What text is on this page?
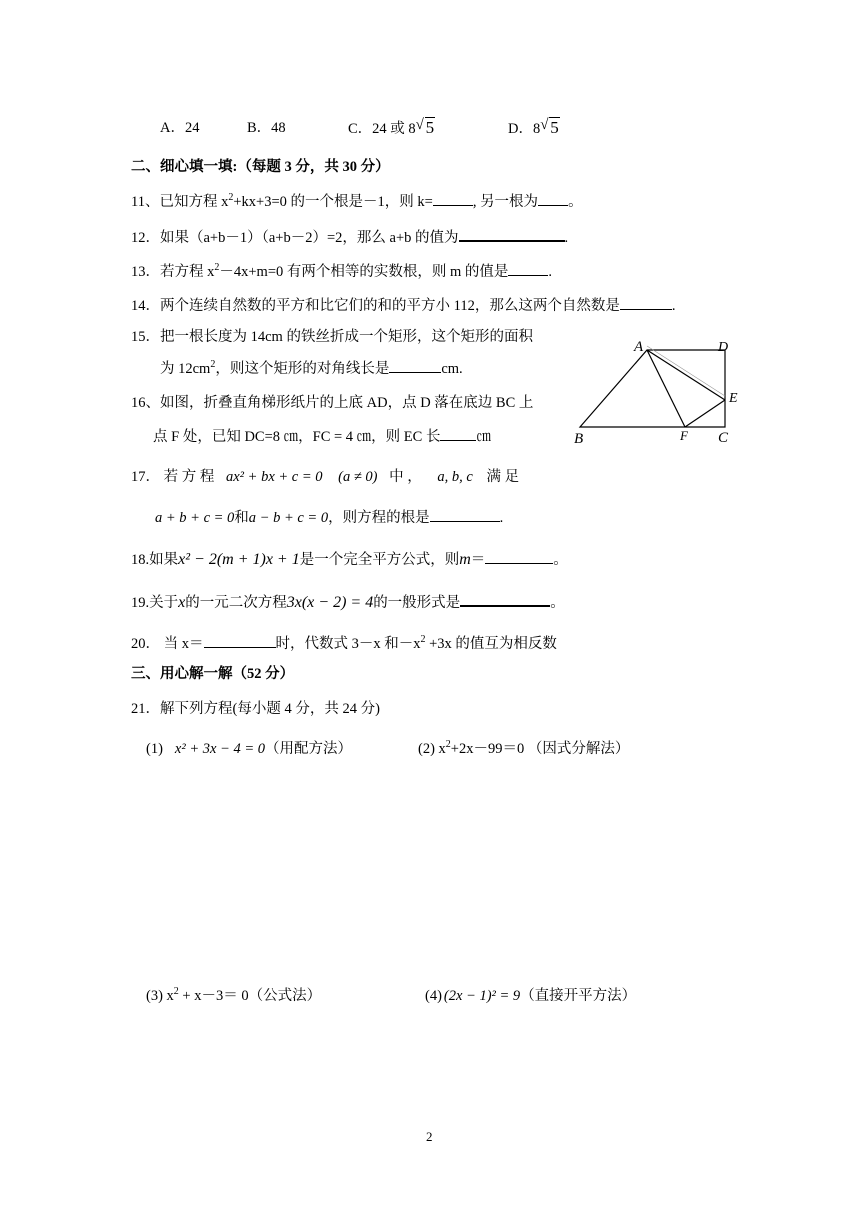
A．24	B．48	C．24 或 8 √ 5	D．8 √ 5
二、细心填一填:（每题 3 分，共 30 分）
11、已知方程 $x^2+kx+3=0$ 的一个根是－1，则 k=	, 另一根为 。
12．如果（a+b－1）（a+b－2）=2，那么 a+b 的值为	.
13．若方程 $x^2-4x+m=0$ 有两个相等的实数根，则 m 的值是	.
14．两个连续自然数的平方和比它们的和的平方小 112，那么这两个自然数是	.
15．把一根长度为 14cm 的铁丝折成一个矩形，这个矩形的面积
为 $12cm^2$，则这个矩形的对角线长是	cm.
16、如图，折叠直角梯形纸片的上底 AD，点 D 落在底边 BC 上
点 F 处，已知 DC=8 ㎝，FC = 4 ㎝，则 EC 长 ㎝
A	D
E
B	F C
17． 若 方 程 ax² + bx + c = 0 (a ≠ 0) 中 ， a, b, c 满 足
a + b + c = 0和a − b + c = 0，则方程的根是	.
18.如果x² − 2(m + 1)x + 1是一个完全平方公式，则m＝	。
19.关于x的一元二次方程3x(x − 2) = 4的一般形式是	。
20． 当 x＝	时，代数式 3－x 和$-x^2 +3x$ 的值互为相反数
三、用心解一解（52 分）
21．解下列方程(每小题 4 分，共 24 分)
(1) x² + 3x − 4 = 0（用配方法）	(2) $x^2+2x-99=0$ （因式分解法）
(3) $x^2 + x-3= 0$（公式法）	(4) (2x − 1)² = 9（直接开平方法）
2
